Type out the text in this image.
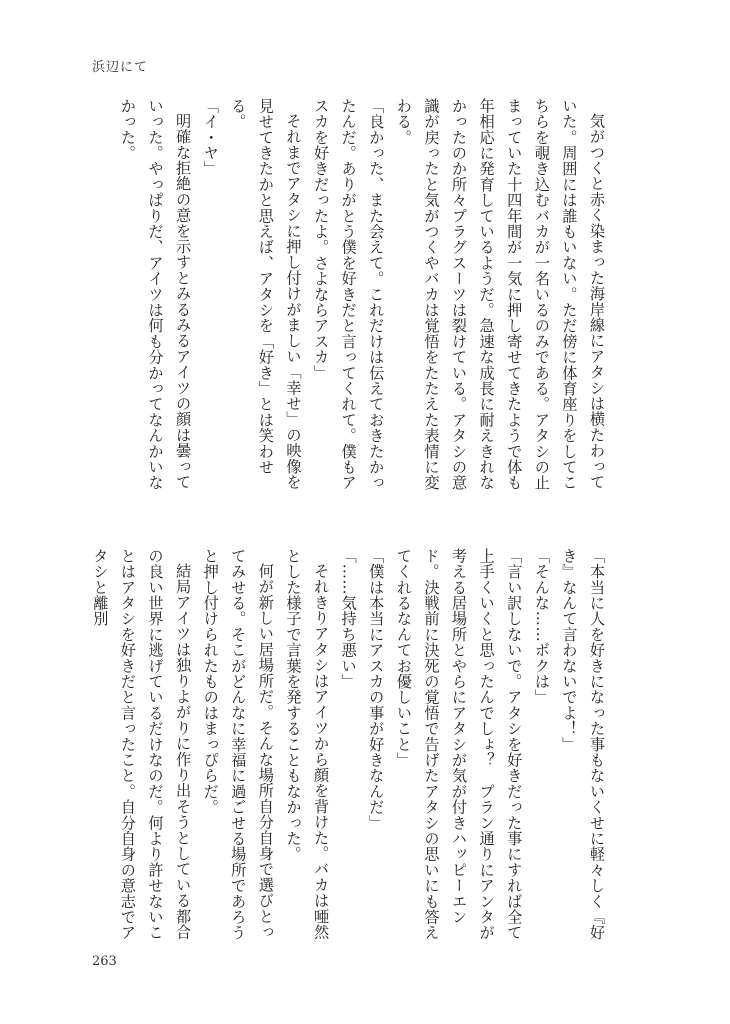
浜辺にて
気がつくと赤く染まった海岸線にアタシは横たわっていた。周囲には誰もいない。ただ傍に体育座りをしてこちらを覗き込むバカが一名いるのみである。アタシの止まっていた十四年間が一気に押し寄せてきたようで体も年相応に発育しているようだ。急速な成長に耐えきれなかったのか所々プラグスーツは裂けている。アタシの意識が戻ったと気がつくやバカは覚悟をたたえた表情に変わる。
「良かった、また会えて。これだけは伝えておきたかったんだ。ありがとう僕を好きだと言ってくれて。僕もアスカを好きだったよ。さよならアスカ」
それまでアタシに押し付けがましい「幸せ」の映像を見せてきたかと思えば、アタシを「好き」とは笑わせる。
「イ・ヤ」
明確な拒絶の意を示すとみるみるアイツの顔は曇っていった。やっぱりだ、アイツは何も分かってなんかいなかった。
「本当に人を好きになった事もないくせに軽々しく『好き』なんて言わないでよ！」
「そんな……ボクは」
「言い訳しないで。アタシを好きだった事にすれば全て上手くいくと思ったんでしょ？　プラン通りにアンタが考える居場所とやらにアタシが気が付きハッピーエンド。決戦前に決死の覚悟で告げたアタシの思いにも答えてくれるなんてお優しいこと」
「僕は本当にアスカの事が好きなんだ」
「……気持ち悪い」
それきりアタシはアイツから顔を背けた。バカは唖然とした様子で言葉を発することもなかった。
何が新しい居場所だ。そんな場所自分自身で選びとってみせる。そこがどんなに幸福に過ごせる場所であろうと押し付けられたものはまっぴらだ。
結局アイツは独りよがりに作り出そうとしている都合の良い世界に逃げているだけなのだ。何より許せないことはアタシを好きだと言ったこと。自分自身の意志でアタシと離別
263
